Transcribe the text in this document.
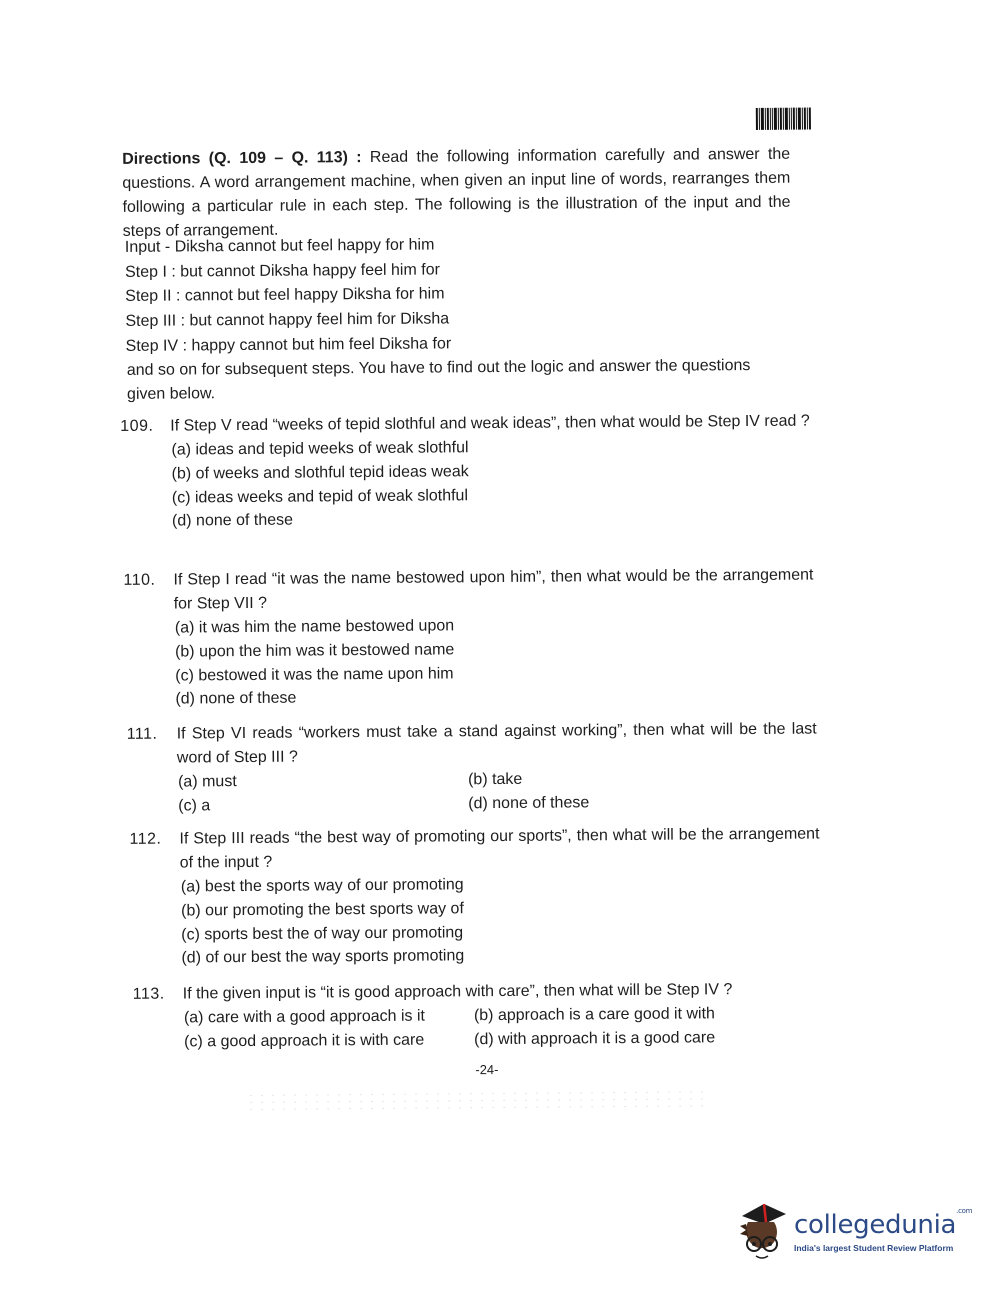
Directions (Q. 109 – Q. 113) : Read the following information carefully and answer the questions. A word arrangement machine, when given an input line of words, rearranges them following a particular rule in each step. The following is the illustration of the input and the steps of arrangement.

Input - Diksha cannot but feel happy for him
Step I : but cannot Diksha happy feel him for
Step II : cannot but feel happy Diksha for him
Step III : but cannot happy feel him for Diksha
Step IV : happy cannot but him feel Diksha for

and so on for subsequent steps. You have to find out the logic and answer the questions given below.

109.	If Step V read “weeks of tepid slothful and weak ideas”, then what would be Step IV read ?
(a) ideas and tepid weeks of weak slothful
(b) of weeks and slothful tepid ideas weak
(c) ideas weeks and tepid of weak slothful
(d) none of these
110.	If Step I read “it was the name bestowed upon him”, then what would be the arrangement for Step VII ?
(a) it was him the name bestowed upon
(b) upon the him was it bestowed name
(c) bestowed it was the name upon him
(d) none of these
111.	If Step VI reads “workers must take a stand against working”, then what will be the last word of Step III ?
(a) must	(b) take
(c) a	(d) none of these
112.	If Step III reads “the best way of promoting our sports”, then what will be the arrangement of the input ?
(a) best the sports way of our promoting
(b) our promoting the best sports way of
(c) sports best the of way our promoting
(d) of our best the way sports promoting
113.	If the given input is “it is good approach with care”, then what will be Step IV ?
(a) care with a good approach is it	(b) approach is a care good it with
(c) a good approach it is with care	(d) with approach it is a good care
-24-
collegedunia$^{.com}$
India's largest Student Review Platform
